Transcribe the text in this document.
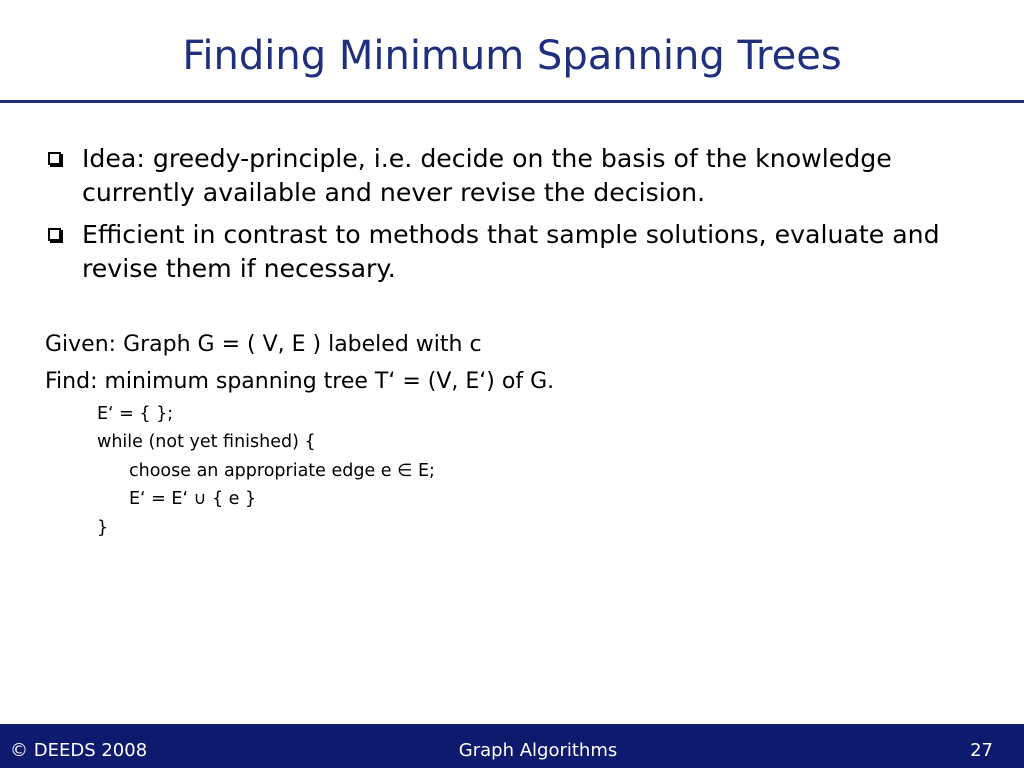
Finding Minimum Spanning Trees
Idea: greedy-principle, i.e. decide on the basis of the knowledge currently available and never revise the decision.
Efficient in contrast to methods that sample solutions, evaluate and revise them if necessary.
Given: Graph G = ( V, E ) labeled with c
Find: minimum spanning tree T‘ = (V, E‘) of G.
E‘ = { };
while (not yet finished) {
choose an appropriate edge e ∈ E;
E‘ = E‘ ∪ { e }
}
© DEEDS 2008	Graph Algorithms	27
